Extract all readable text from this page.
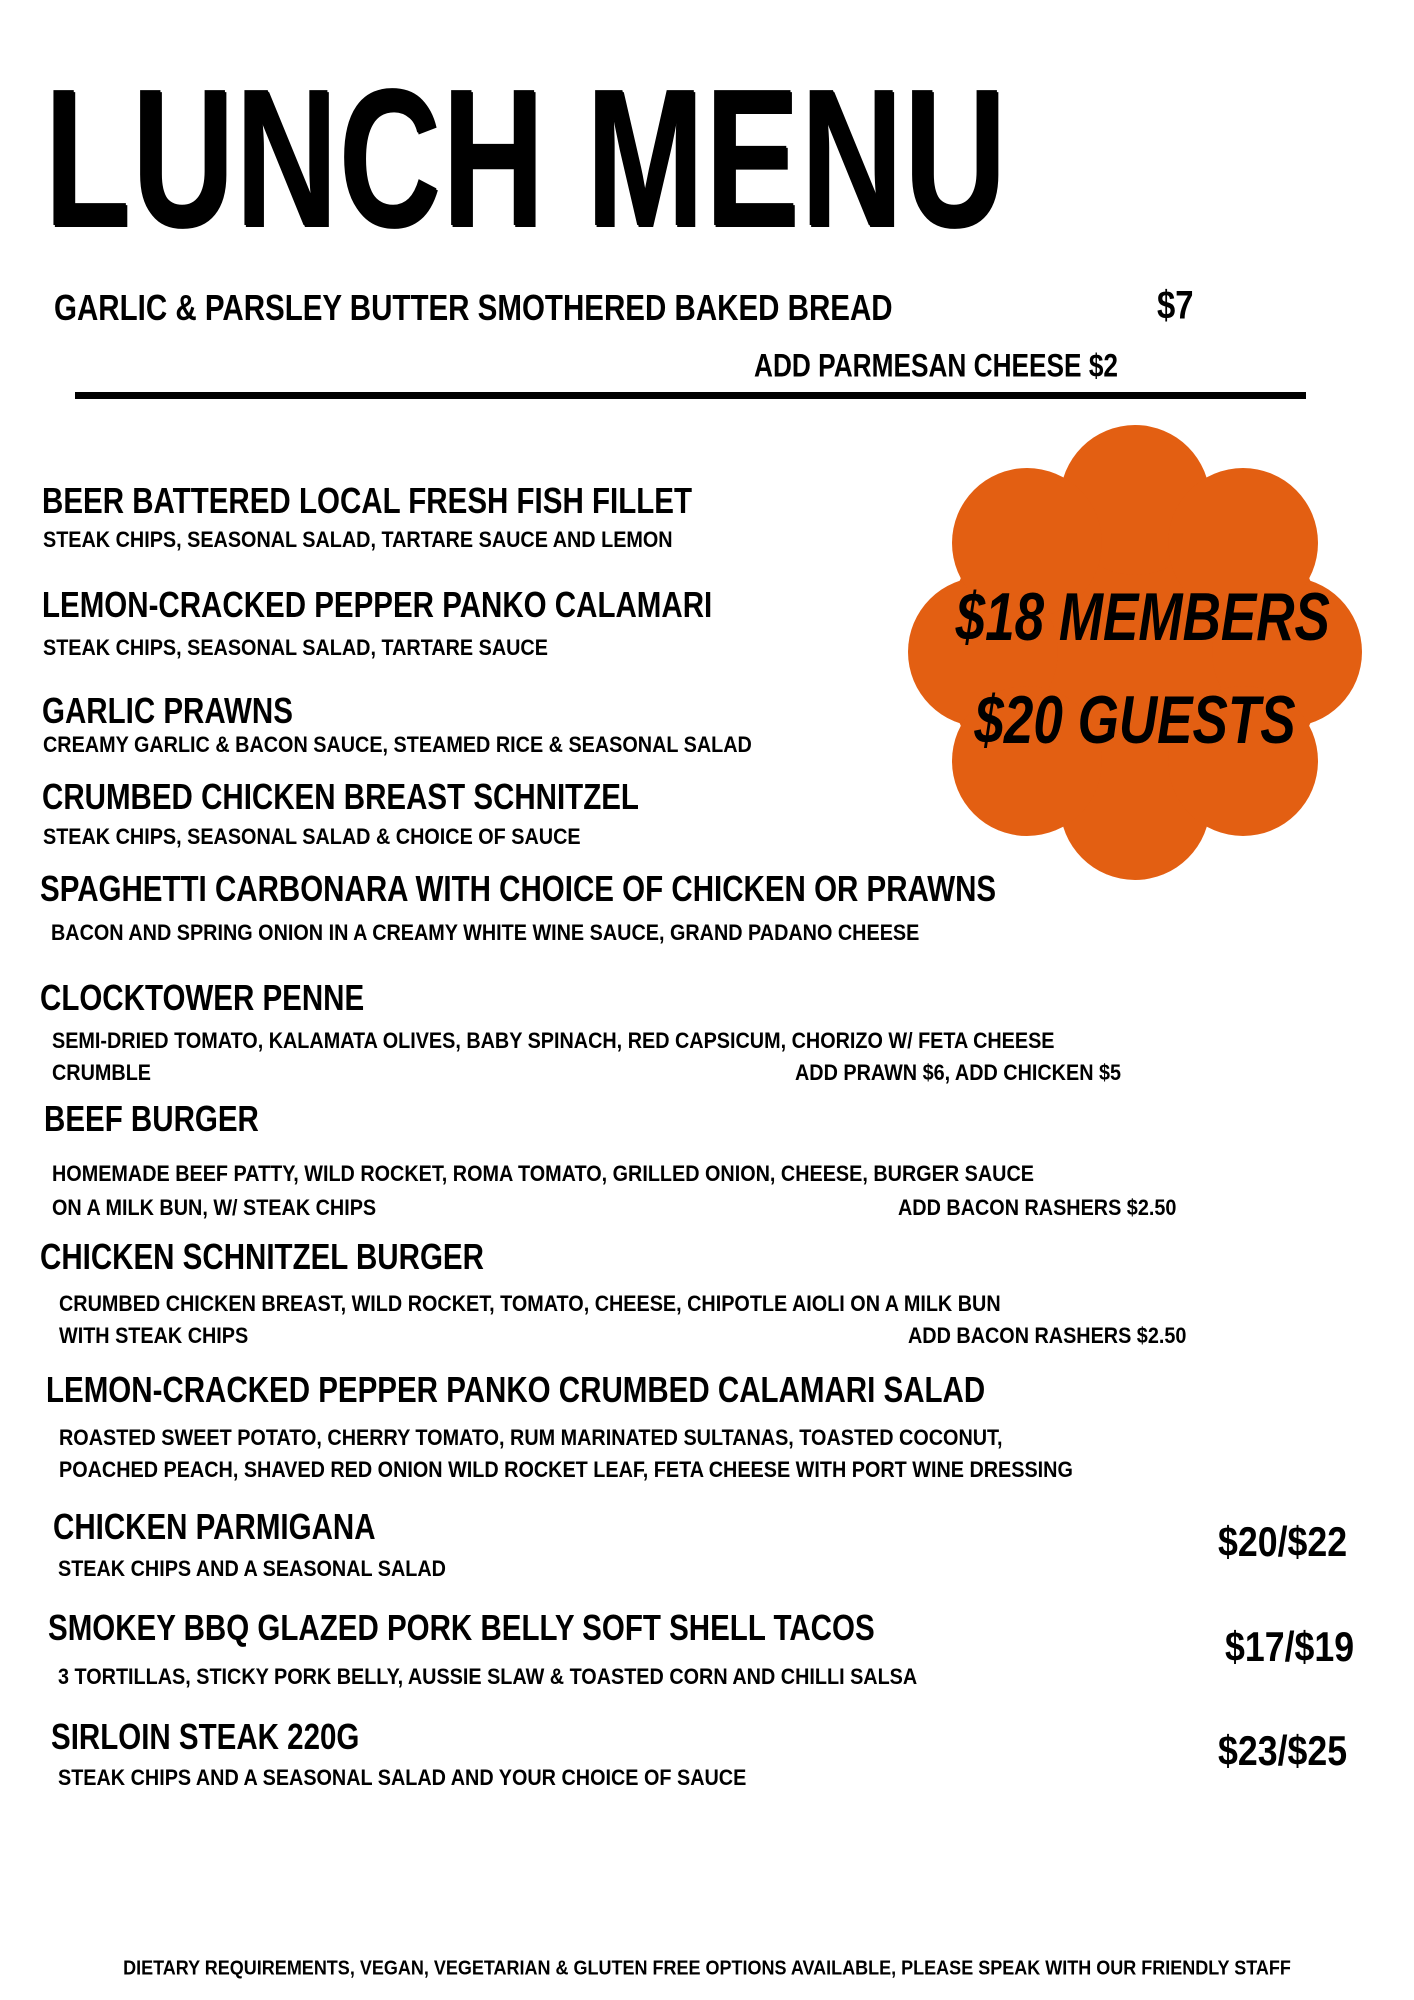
LUNCH MENU
GARLIC & PARSLEY BUTTER SMOTHERED BAKED BREAD	$7
ADD PARMESAN CHEESE $2
$18 MEMBERS
$20 GUESTS
BEER BATTERED LOCAL FRESH FISH FILLET
STEAK CHIPS, SEASONAL SALAD, TARTARE SAUCE AND LEMON
LEMON-CRACKED PEPPER PANKO CALAMARI
STEAK CHIPS, SEASONAL SALAD, TARTARE SAUCE
GARLIC PRAWNS
CREAMY GARLIC & BACON SAUCE, STEAMED RICE & SEASONAL SALAD
CRUMBED CHICKEN BREAST SCHNITZEL
STEAK CHIPS, SEASONAL SALAD & CHOICE OF SAUCE
SPAGHETTI CARBONARA WITH CHOICE OF CHICKEN OR PRAWNS
BACON AND SPRING ONION IN A CREAMY WHITE WINE SAUCE, GRAND PADANO CHEESE
CLOCKTOWER PENNE
SEMI-DRIED TOMATO, KALAMATA OLIVES, BABY SPINACH, RED CAPSICUM, CHORIZO W/ FETA CHEESE
CRUMBLE	ADD PRAWN $6, ADD CHICKEN $5
BEEF BURGER
HOMEMADE BEEF PATTY, WILD ROCKET, ROMA TOMATO, GRILLED ONION, CHEESE, BURGER SAUCE
ON A MILK BUN, W/ STEAK CHIPS	ADD BACON RASHERS $2.50
CHICKEN SCHNITZEL BURGER
CRUMBED CHICKEN BREAST, WILD ROCKET, TOMATO, CHEESE, CHIPOTLE AIOLI ON A MILK BUN
WITH STEAK CHIPS	ADD BACON RASHERS $2.50
LEMON-CRACKED PEPPER PANKO CRUMBED CALAMARI SALAD
ROASTED SWEET POTATO, CHERRY TOMATO, RUM MARINATED SULTANAS, TOASTED COCONUT,
POACHED PEACH, SHAVED RED ONION WILD ROCKET LEAF, FETA CHEESE WITH PORT WINE DRESSING
CHICKEN PARMIGANA
STEAK CHIPS AND A SEASONAL SALAD
$20/$22
SMOKEY BBQ GLAZED PORK BELLY SOFT SHELL TACOS
3 TORTILLAS, STICKY PORK BELLY, AUSSIE SLAW & TOASTED CORN AND CHILLI SALSA
$17/$19
SIRLOIN STEAK 220G
STEAK CHIPS AND A SEASONAL SALAD AND YOUR CHOICE OF SAUCE
$23/$25
DIETARY REQUIREMENTS, VEGAN, VEGETARIAN & GLUTEN FREE OPTIONS AVAILABLE, PLEASE SPEAK WITH OUR FRIENDLY STAFF
